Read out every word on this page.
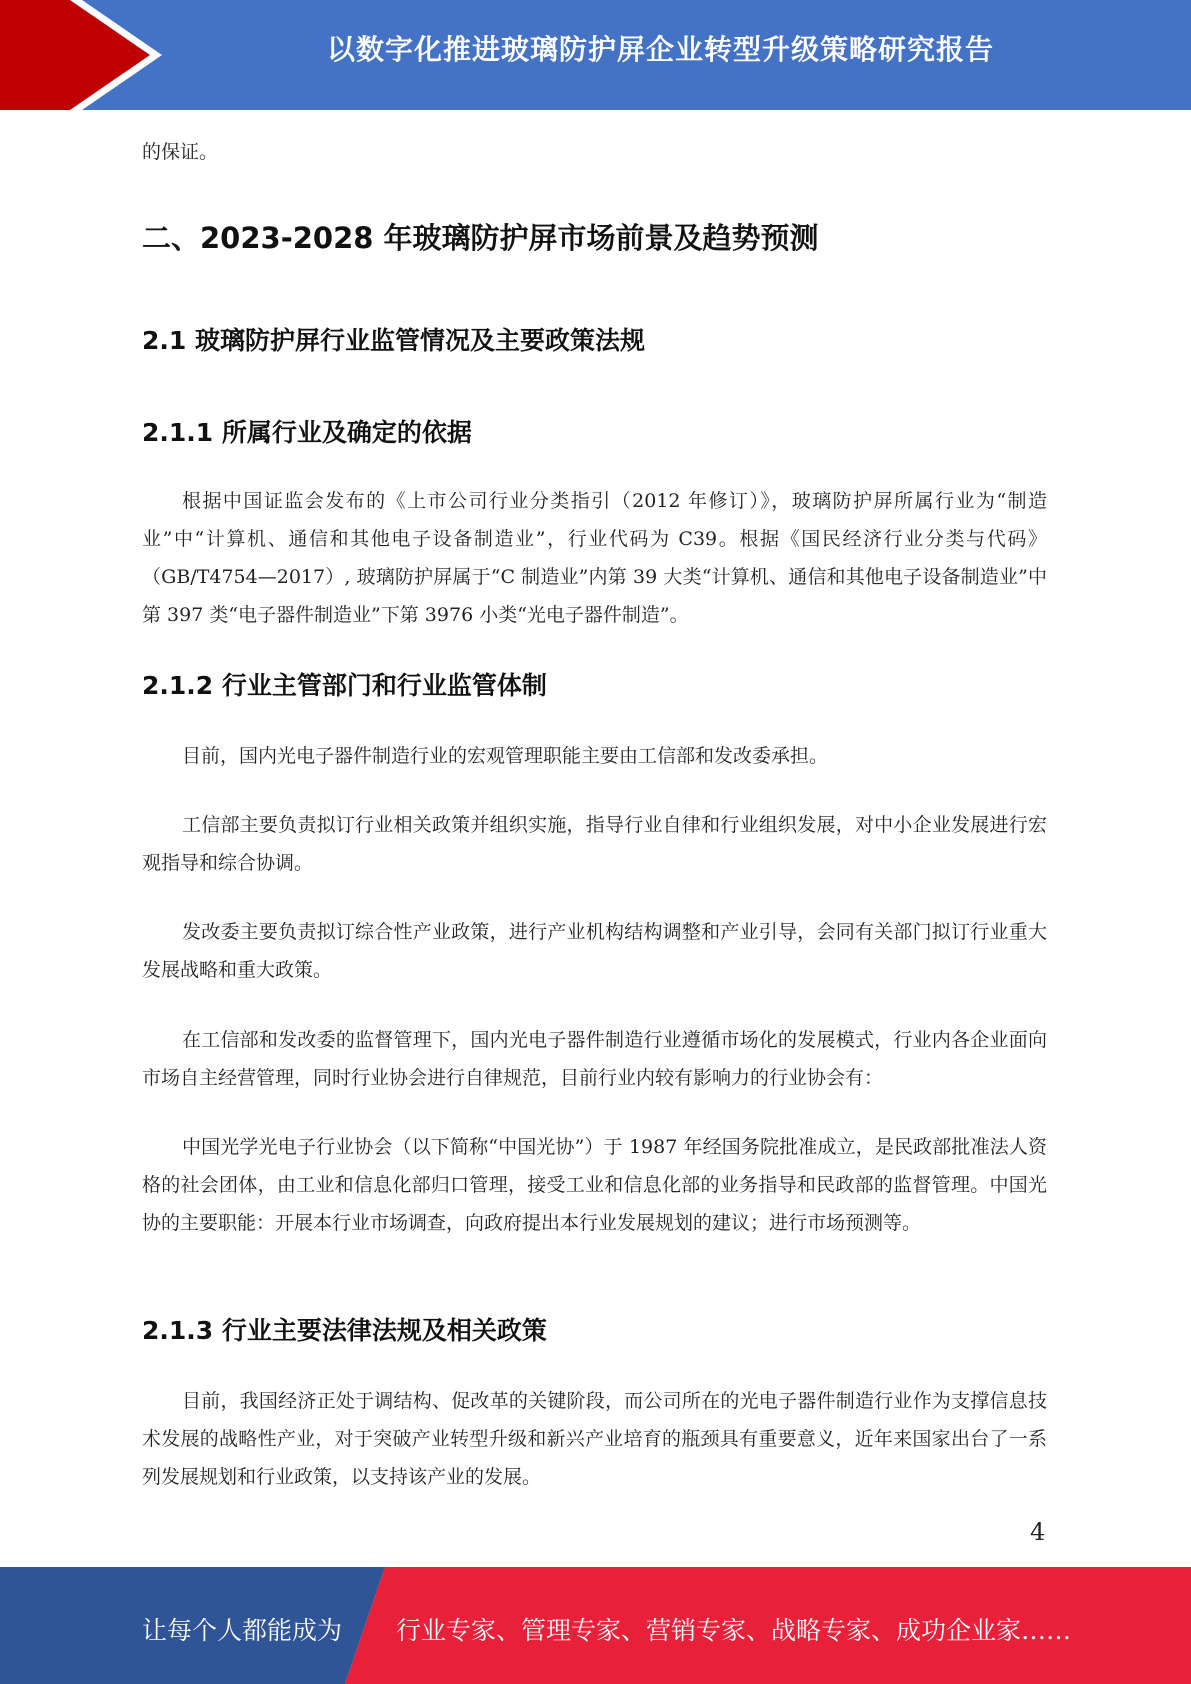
以数字化推进玻璃防护屏企业转型升级策略研究报告
的保证。
二、2023-2028 年玻璃防护屏市场前景及趋势预测
2.1 玻璃防护屏行业监管情况及主要政策法规
2.1.1 所属行业及确定的依据
根据中国证监会发布的《上市公司行业分类指引（2012 年修订）》，玻璃防护屏所属行业为“制造业”中“计算机、通信和其他电子设备制造业”，行业代码为 C39。根据《国民经济行业分类与代码》（GB/T4754—2017）, 玻璃防护屏属于“C 制造业”内第 39 大类“计算机、通信和其他电子设备制造业”中第 397 类“电子器件制造业”下第 3976 小类“光电子器件制造”。
2.1.2 行业主管部门和行业监管体制
目前，国内光电子器件制造行业的宏观管理职能主要由工信部和发改委承担。
工信部主要负责拟订行业相关政策并组织实施，指导行业自律和行业组织发展，对中小企业发展进行宏观指导和综合协调。
发改委主要负责拟订综合性产业政策，进行产业机构结构调整和产业引导，会同有关部门拟订行业重大发展战略和重大政策。
在工信部和发改委的监督管理下，国内光电子器件制造行业遵循市场化的发展模式，行业内各企业面向市场自主经营管理，同时行业协会进行自律规范，目前行业内较有影响力的行业协会有：
中国光学光电子行业协会（以下简称“中国光协”）于 1987 年经国务院批准成立，是民政部批准法人资格的社会团体，由工业和信息化部归口管理，接受工业和信息化部的业务指导和民政部的监督管理。中国光协的主要职能：开展本行业市场调查，向政府提出本行业发展规划的建议；进行市场预测等。
2.1.3 行业主要法律法规及相关政策
目前，我国经济正处于调结构、促改革的关键阶段，而公司所在的光电子器件制造行业作为支撑信息技术发展的战略性产业，对于突破产业转型升级和新兴产业培育的瓶颈具有重要意义，近年来国家出台了一系列发展规划和行业政策，以支持该产业的发展。
4
让每个人都能成为 行业专家、管理专家、营销专家、战略专家、成功企业家……
